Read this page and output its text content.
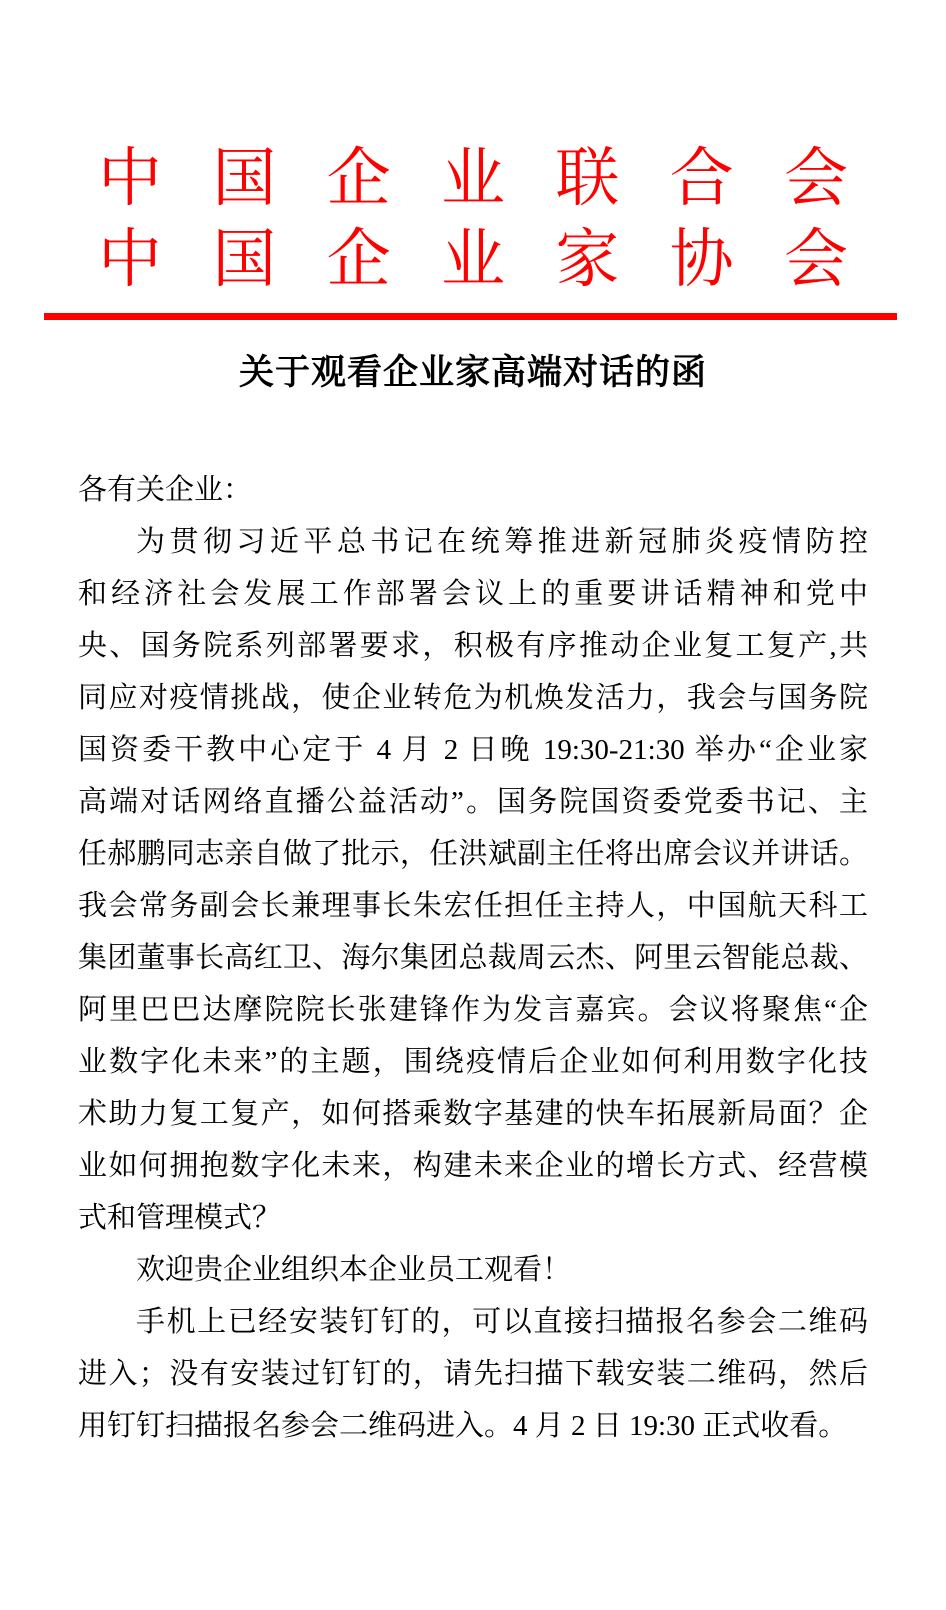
中 国 企 业 联 合 会
中 国 企 业 家 协 会
关于观看企业家高端对话的函
各有关企业：
为贯彻习近平总书记在统筹推进新冠肺炎疫情防控
和经济社会发展工作部署会议上的重要讲话精神和党中
央、国务院系列部署要求，积极有序推动企业复工复产,共
同应对疫情挑战，使企业转危为机焕发活力，我会与国务院
国资委干教中心定于 4 月 2 日晚 19:30-21:30 举办“企业家
高端对话网络直播公益活动”。国务院国资委党委书记、主
任郝鹏同志亲自做了批示，任洪斌副主任将出席会议并讲话。
我会常务副会长兼理事长朱宏任担任主持人，中国航天科工
集团董事长高红卫、海尔集团总裁周云杰、阿里云智能总裁、
阿里巴巴达摩院院长张建锋作为发言嘉宾。会议将聚焦“企
业数字化未来”的主题，围绕疫情后企业如何利用数字化技
术助力复工复产，如何搭乘数字基建的快车拓展新局面？企
业如何拥抱数字化未来，构建未来企业的增长方式、经营模
式和管理模式？
欢迎贵企业组织本企业员工观看！
手机上已经安装钉钉的，可以直接扫描报名参会二维码
进入；没有安装过钉钉的，请先扫描下载安装二维码，然后
用钉钉扫描报名参会二维码进入。4 月 2 日 19:30 正式收看。
